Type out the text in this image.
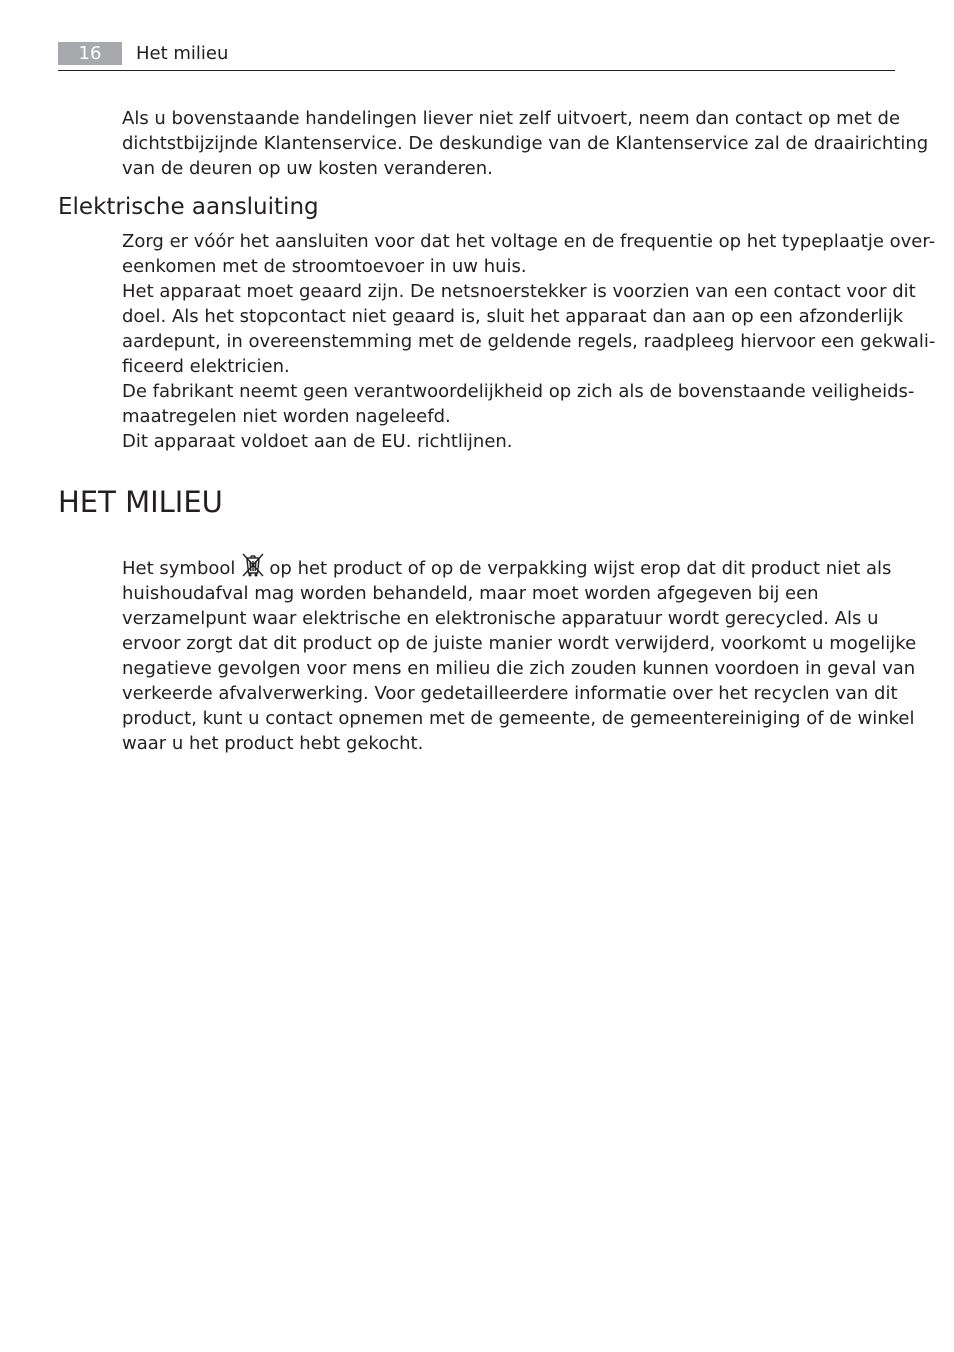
16	Het milieu

Als u bovenstaande handelingen liever niet zelf uitvoert, neem dan contact op met de
dichtstbijzijnde Klantenservice. De deskundige van de Klantenservice zal de draairichting
van de deuren op uw kosten veranderen.

Elektrische aansluiting

Zorg er vóór het aansluiten voor dat het voltage en de frequentie op het typeplaatje over-
eenkomen met de stroomtoevoer in uw huis.
Het apparaat moet geaard zijn. De netsnoerstekker is voorzien van een contact voor dit
doel. Als het stopcontact niet geaard is, sluit het apparaat dan aan op een afzonderlijk
aardepunt, in overeenstemming met de geldende regels, raadpleeg hiervoor een gekwali-
ficeerd elektricien.
De fabrikant neemt geen verantwoordelijkheid op zich als de bovenstaande veiligheids-
maatregelen niet worden nageleefd.
Dit apparaat voldoet aan de EU. richtlijnen.

HET MILIEU

Het symbool op het product of op de verpakking wijst erop dat dit product niet als
huishoudafval mag worden behandeld, maar moet worden afgegeven bij een
verzamelpunt waar elektrische en elektronische apparatuur wordt gerecycled. Als u
ervoor zorgt dat dit product op de juiste manier wordt verwijderd, voorkomt u mogelijke
negatieve gevolgen voor mens en milieu die zich zouden kunnen voordoen in geval van
verkeerde afvalverwerking. Voor gedetailleerdere informatie over het recyclen van dit
product, kunt u contact opnemen met de gemeente, de gemeentereiniging of de winkel
waar u het product hebt gekocht.
